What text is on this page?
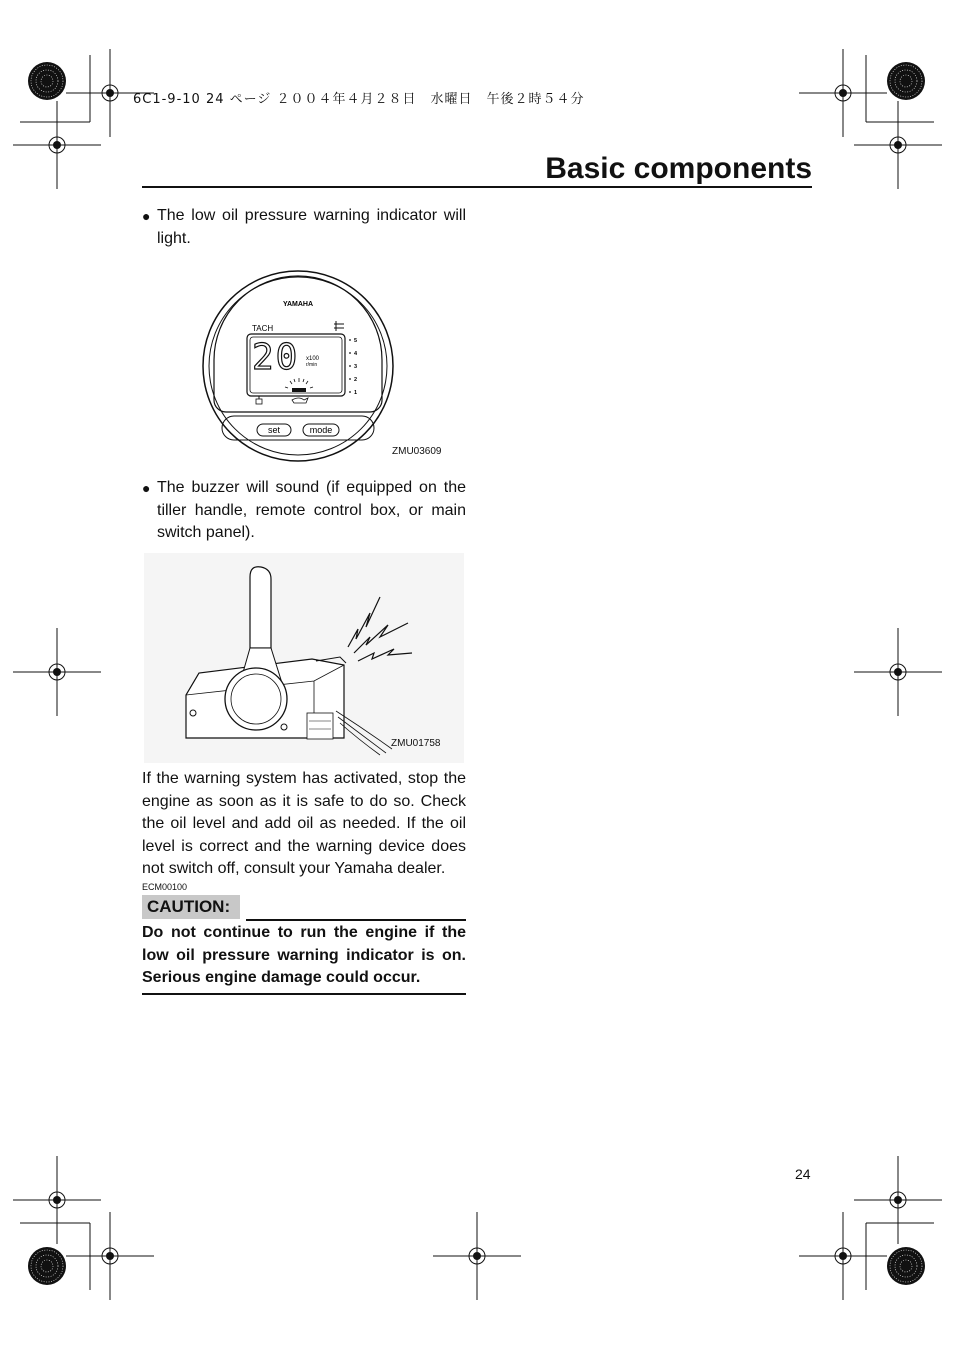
6C1-9-10 24 ページ ２００４年４月２８日　水曜日　午後２時５４分
Basic components
● The low oil pressure warning indicator will light.
YAMAHA
TACH
20 x100
r/min
5
4
3
2
1
set	mode
ZMU03609
● The buzzer will sound (if equipped on the tiller handle, remote control box, or main switch panel).
ZMU01758
If the warning system has activated, stop the engine as soon as it is safe to do so. Check the oil level and add oil as needed. If the oil level is correct and the warning device does not switch off, consult your Yamaha dealer.
ECM00100
CAUTION:
Do not continue to run the engine if the low oil pressure warning indicator is on. Serious engine damage could occur.
24
